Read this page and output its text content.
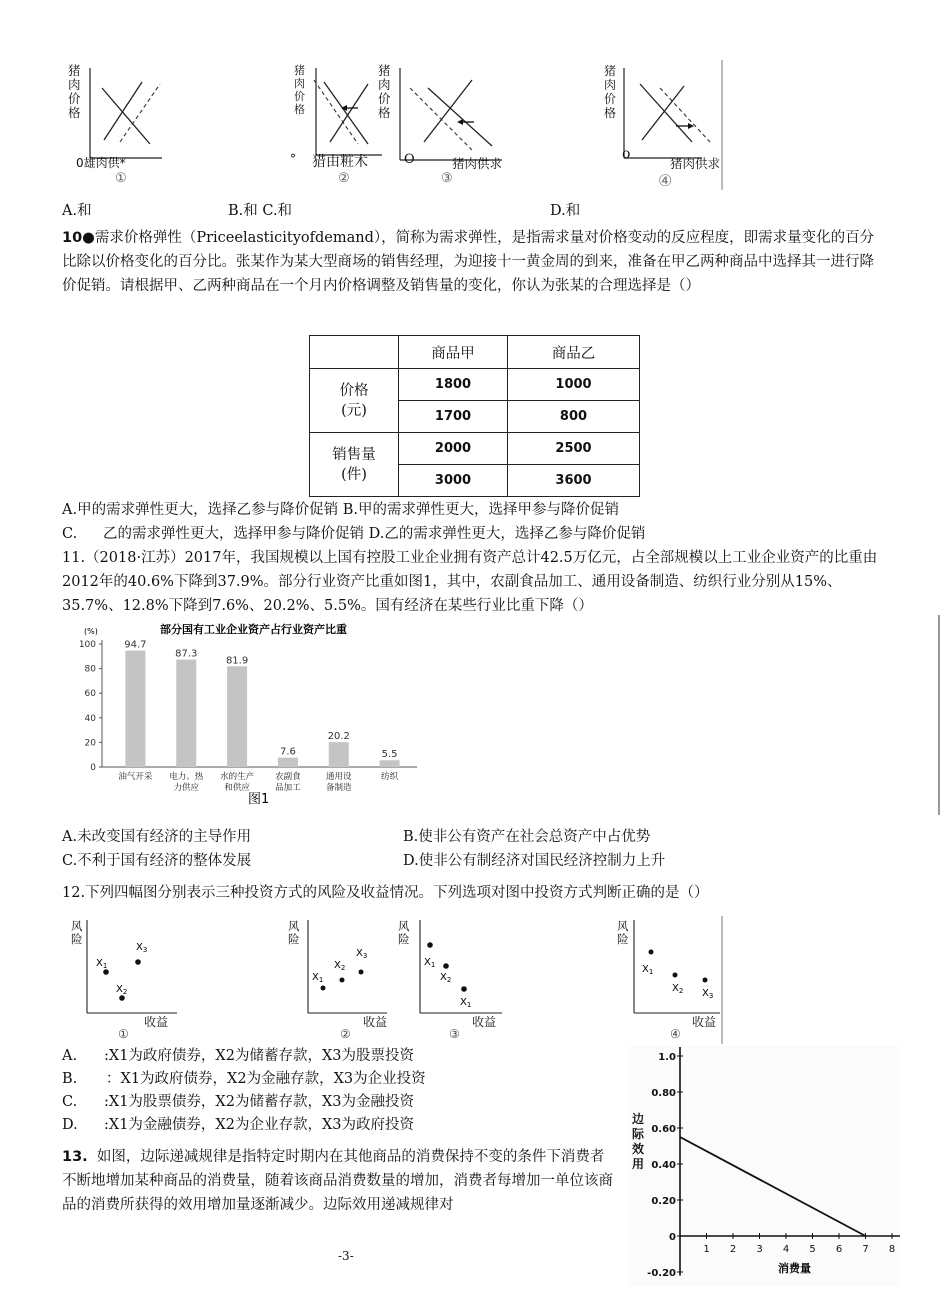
猪肉价格
猪肉价格
猪肉价格
猪肉价格
0雄肉供*	° 猎由粧术	O	猪肉供求
o
猪肉供求
①	②	③	④
A.和	B.和 C.和	D.和
10●需求价格弹性（Priceelasticityofdemand），简称为需求弹性，是指需求量对价格变动的反应程度，即需求量变化的百分比除以价格变化的百分比。张某作为某大型商场的销售经理，为迎接十一黄金周的到来，准备在甲乙两种商品中选择其一进行降价促销。请根据甲、乙两种商品在一个月内价格调整及销售量的变化，你认为张某的合理选择是（）
	商品甲	商品乙
价格(元)	1800	1000
	1700	800
销售量(件)	2000	2500
	3000	3600
A.甲的需求弹性更大，选择乙参与降价促销 B.甲的需求弹性更大，选择甲参与降价促销
C. 乙的需求弹性更大，选择甲参与降价促销 D.乙的需求弹性更大，选择乙参与降价促销
11.（2018·江苏）2017年，我国规模以上国有控股工业企业拥有资产总计42.5万亿元，占全部规模以上工业企业资产的比重由2012年的40.6%下降到37.9%。部分行业资产比重如图1，其中，农副食品加工、通用设备制造、纺织行业分别从15%、35.7%、12.8%下降到7.6%、20.2%、5.5%。国有经济在某些行业比重下降（）
部分国有工业企业资产占行业资产比重
(%)
图1
0
20
40
60
80
100	94.7
油气开采
87.3
电力、热
力供应
81.9
水的生产
和供应
7.6
农副食
品加工
20.2
通用设
备制造
5.5
纺织
A.未改变国有经济的主导作用	B.使非公有资产在社会总资产中占优势
C.不利于国有经济的整体发展	D.使非公有制经济对国民经济控制力上升
12.下列四幅图分别表示三种投资方式的风险及收益情况。下列选项对图中投资方式判断正确的是（）
$X_1$
$X_2$
$X_3$
$X_1$
$X_2$
$X_3$
$X_1$
$X_2$
$X_1$
$X_1$
$X_2$ $X_3$
风险
风险
风险
风险
收益	收益	收益	收益
①	②	③	④
A. :X1为政府债券，X2为储蓄存款，X3为股票投资
B. ：X1为政府债券，X2为金融存款，X3为企业投资
C. :X1为股票债券，X2为储蓄存款，X3为金融投资
D. :X1为金融债券，X2为企业存款，X3为政府投资
13. 如图，边际递减规律是指特定时期内在其他商品的消费保持不变的条件下消费者不断地增加某种商品的消费量，随着该商品消费数量的增加，消费者每增加一单位该商品的消费所获得的效用增加量逐渐减少。边际效用递减规律对
消费量
1.0
0.80
0.60
0.40
0.20
0
-0.20
1 2 3 4 5 6 7 8
边际效用
-3-
